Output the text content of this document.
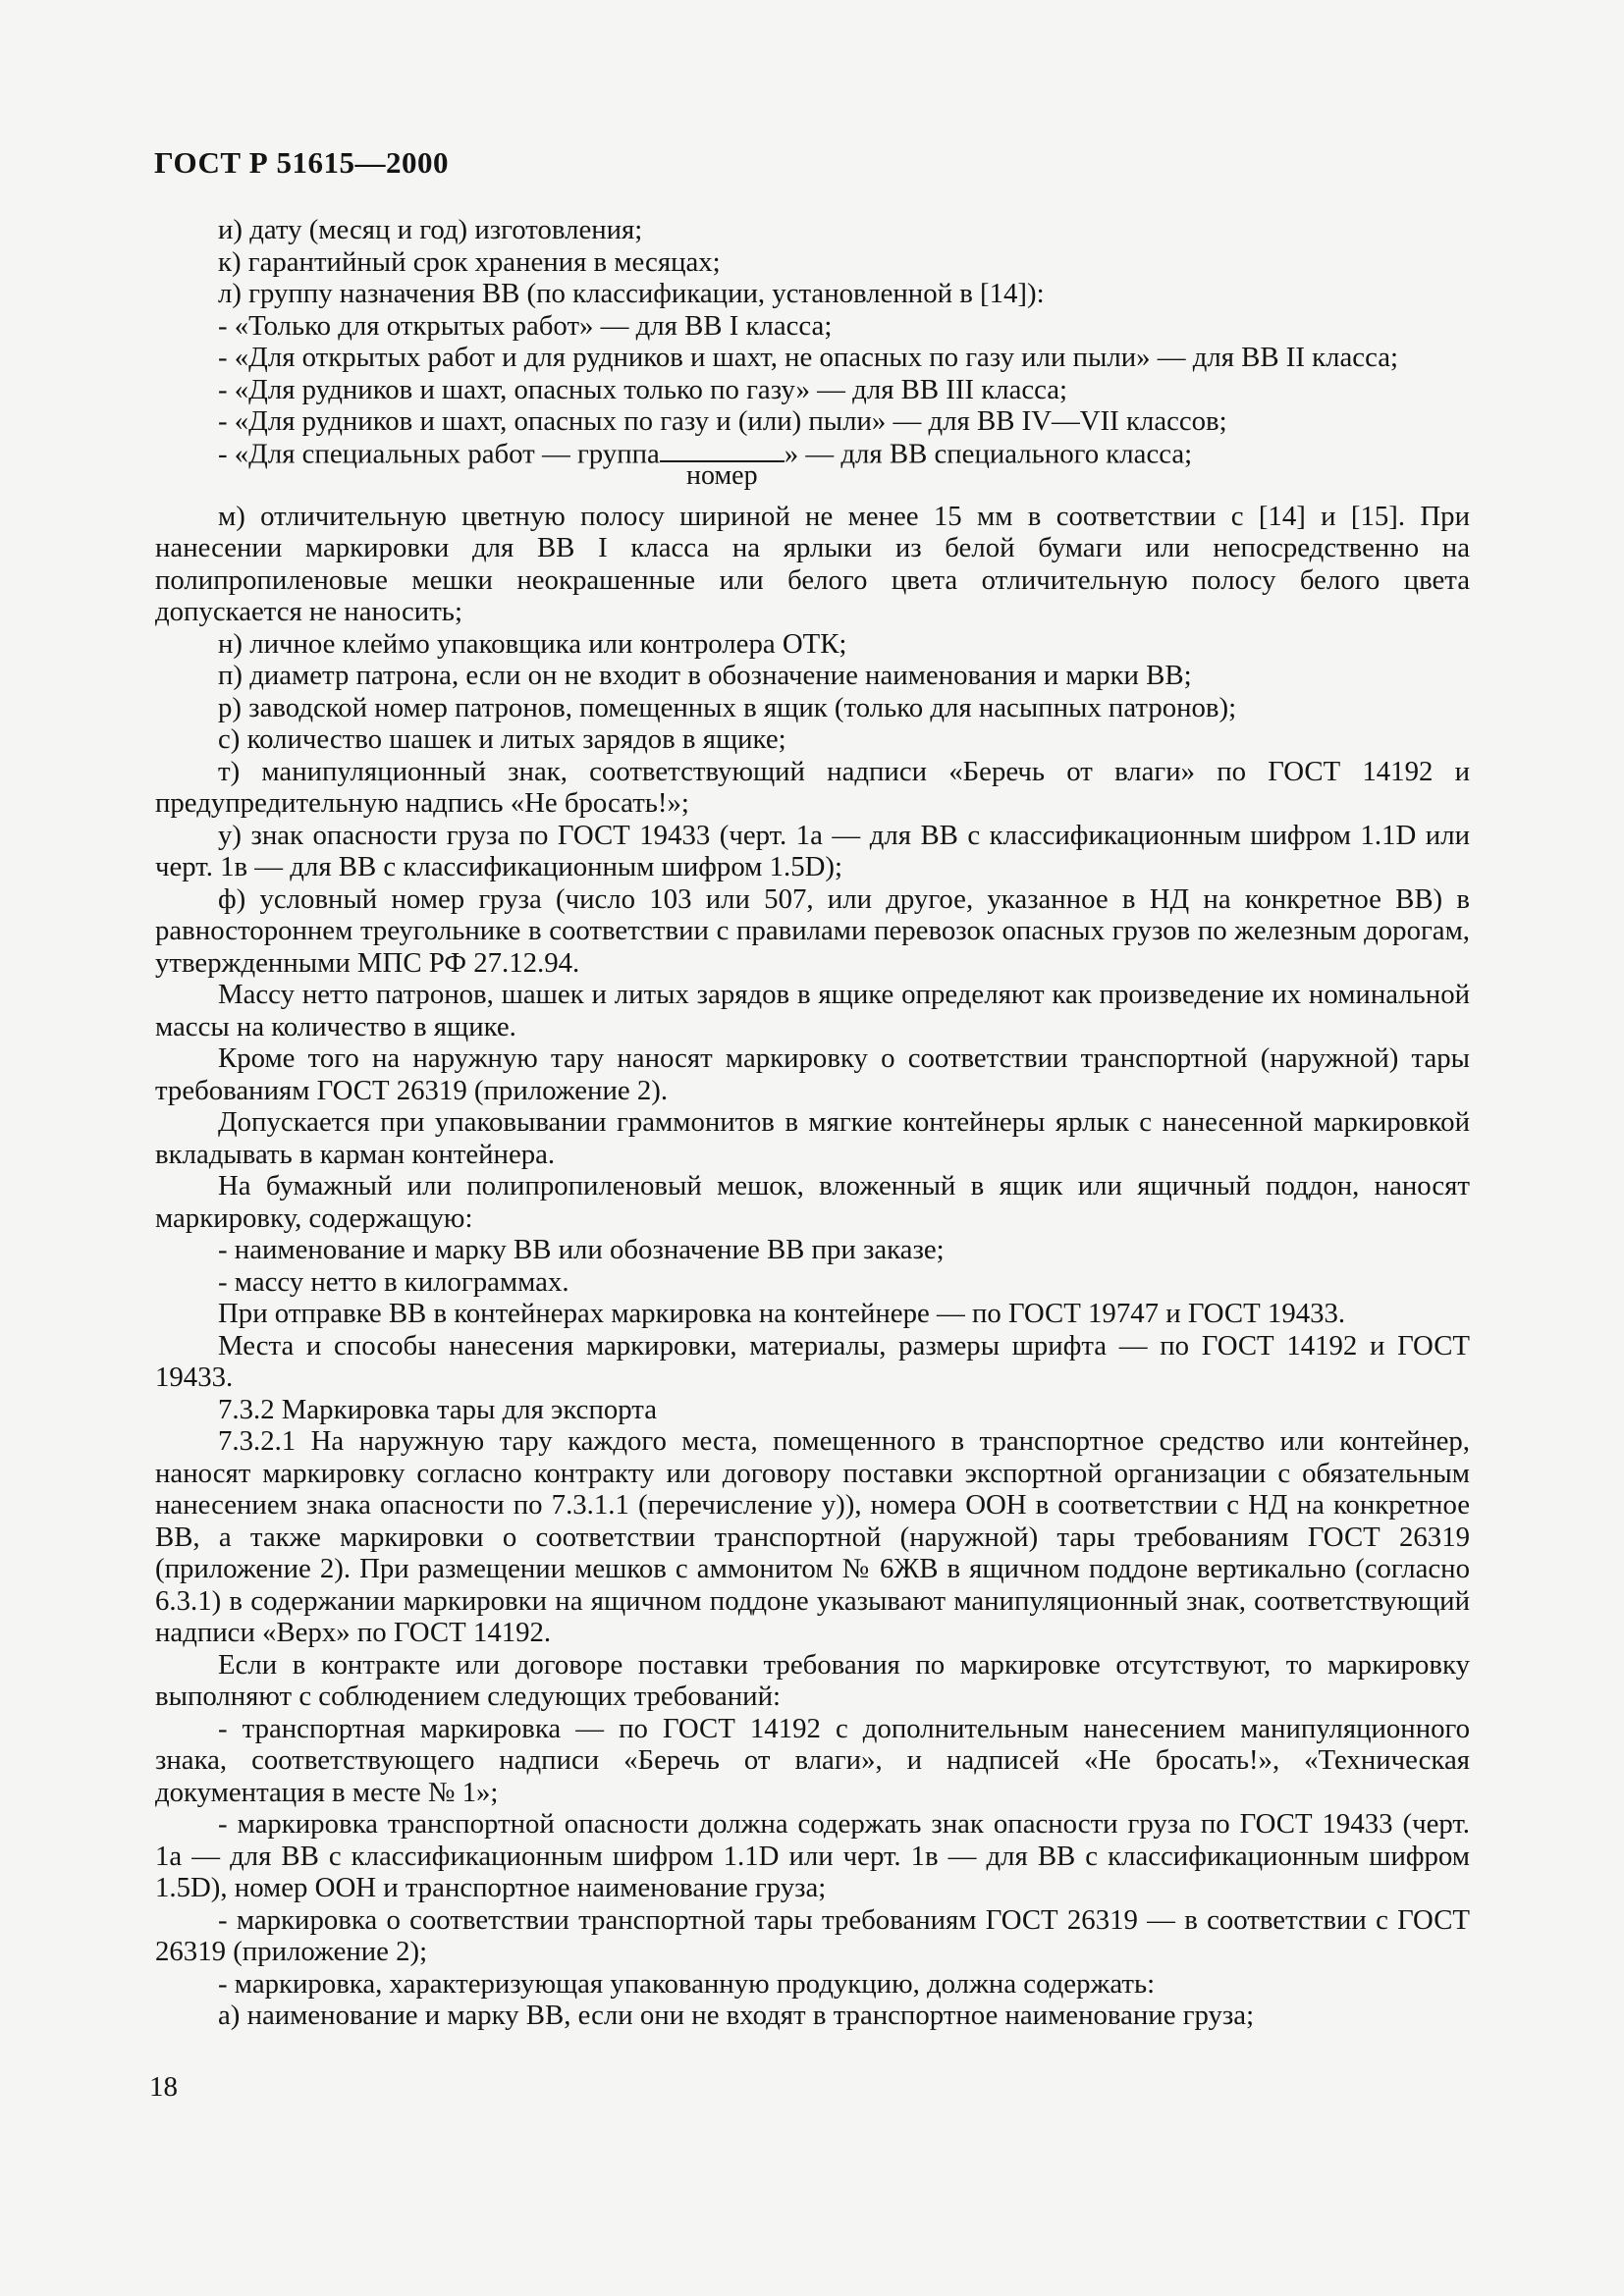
ГОСТ Р 51615—2000

и) дату (месяц и год) изготовления;

к) гарантийный срок хранения в месяцах;

л) группу назначения ВВ (по классификации, установленной в [14]):

- «Только для открытых работ» — для ВВ I класса;

- «Для открытых работ и для рудников и шахт, не опасных по газу или пыли» — для ВВ II класса;

- «Для рудников и шахт, опасных только по газу» — для ВВ III класса;

- «Для рудников и шахт, опасных по газу и (или) пыли» — для ВВ IV—VII классов;

- «Для специальных работ — группа
номер
» — для ВВ специального класса;

м) отличительную цветную полосу шириной не менее 15 мм в соответствии с [14] и [15]. При нанесении маркировки для ВВ I класса на ярлыки из белой бумаги или непосредственно на полипропиленовые мешки неокрашенные или белого цвета отличительную полосу белого цвета допускается не наносить;

н) личное клеймо упаковщика или контролера ОТК;

п) диаметр патрона, если он не входит в обозначение наименования и марки ВВ;

р) заводской номер патронов, помещенных в ящик (только для насыпных патронов);

с) количество шашек и литых зарядов в ящике;

т) манипуляционный знак, соответствующий надписи «Беречь от влаги» по ГОСТ 14192 и предупредительную надпись «Не бросать!»;

у) знак опасности груза по ГОСТ 19433 (черт. 1а — для ВВ с классификационным шифром 1.1D или черт. 1в — для ВВ с классификационным шифром 1.5D);

ф) условный номер груза (число 103 или 507, или другое, указанное в НД на конкретное ВВ) в равностороннем треугольнике в соответствии с правилами перевозок опасных грузов по железным дорогам, утвержденными МПС РФ 27.12.94.

Массу нетто патронов, шашек и литых зарядов в ящике определяют как произведение их номинальной массы на количество в ящике.

Кроме того на наружную тару наносят маркировку о соответствии транспортной (наружной) тары требованиям ГОСТ 26319 (приложение 2).

Допускается при упаковывании граммонитов в мягкие контейнеры ярлык с нанесенной маркировкой вкладывать в карман контейнера.

На бумажный или полипропиленовый мешок, вложенный в ящик или ящичный поддон, наносят маркировку, содержащую:

- наименование и марку ВВ или обозначение ВВ при заказе;

- массу нетто в килограммах.

При отправке ВВ в контейнерах маркировка на контейнере — по ГОСТ 19747 и ГОСТ 19433.

Места и способы нанесения маркировки, материалы, размеры шрифта — по ГОСТ 14192 и ГОСТ 19433.

7.3.2 Маркировка тары для экспорта

7.3.2.1 На наружную тару каждого места, помещенного в транспортное средство или контейнер, наносят маркировку согласно контракту или договору поставки экспортной организации с обязательным нанесением знака опасности по 7.3.1.1 (перечисление у)), номера ООН в соответствии с НД на конкретное ВВ, а также маркировки о соответствии транспортной (наружной) тары требованиям ГОСТ 26319 (приложение 2). При размещении мешков с аммонитом № 6ЖВ в ящичном поддоне вертикально (согласно 6.3.1) в содержании маркировки на ящичном поддоне указывают манипуляционный знак, соответствующий надписи «Верх» по ГОСТ 14192.

Если в контракте или договоре поставки требования по маркировке отсутствуют, то маркировку выполняют с соблюдением следующих требований:

- транспортная маркировка — по ГОСТ 14192 с дополнительным нанесением манипуляционного знака, соответствующего надписи «Беречь от влаги», и надписей «Не бросать!», «Техническая документация в месте № 1»;

- маркировка транспортной опасности должна содержать знак опасности груза по ГОСТ 19433 (черт. 1а — для ВВ с классификационным шифром 1.1D или черт. 1в — для ВВ с классификационным шифром 1.5D), номер ООН и транспортное наименование груза;

- маркировка о соответствии транспортной тары требованиям ГОСТ 26319 — в соответствии с ГОСТ 26319 (приложение 2);

- маркировка, характеризующая упакованную продукцию, должна содержать:

а) наименование и марку ВВ, если они не входят в транспортное наименование груза;

18
